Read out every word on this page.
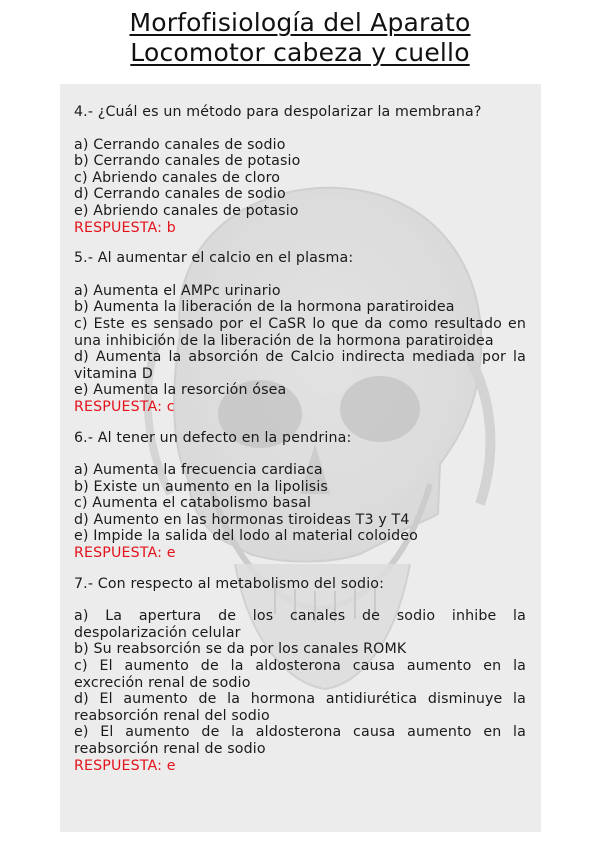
Morfofisiología del Aparato
Locomotor cabeza y cuello

4.- ¿Cuál es un método para despolarizar la membrana?

a) Cerrando canales de sodio
b) Cerrando canales de potasio
c) Abriendo canales de cloro
d) Cerrando canales de sodio
e) Abriendo canales de potasio

RESPUESTA: b

5.- Al aumentar el calcio en el plasma:

a) Aumenta el AMPc urinario
b) Aumenta la liberación de la hormona paratiroidea
c) Este es sensado por el CaSR lo que da como resultado en una inhibición de la liberación de la hormona paratiroidea
d) Aumenta la absorción de Calcio indirecta mediada por la vitamina D
e) Aumenta la resorción ósea

RESPUESTA: c

6.- Al tener un defecto en la pendrina:

a) Aumenta la frecuencia cardiaca
b) Existe un aumento en la lipolisis
c) Aumenta el catabolismo basal
d) Aumento en las hormonas tiroideas T3 y T4
e) Impide la salida del lodo al material coloideo

RESPUESTA: e

7.- Con respecto al metabolismo del sodio:

a) La apertura de los canales de sodio inhibe la despolarización celular
b) Su reabsorción se da por los canales ROMK
c) El aumento de la aldosterona causa aumento en la excreción renal de sodio
d) El aumento de la hormona antidiurética disminuye la reabsorción renal del sodio
e) El aumento de la aldosterona causa aumento en la reabsorción renal de sodio

RESPUESTA: e
